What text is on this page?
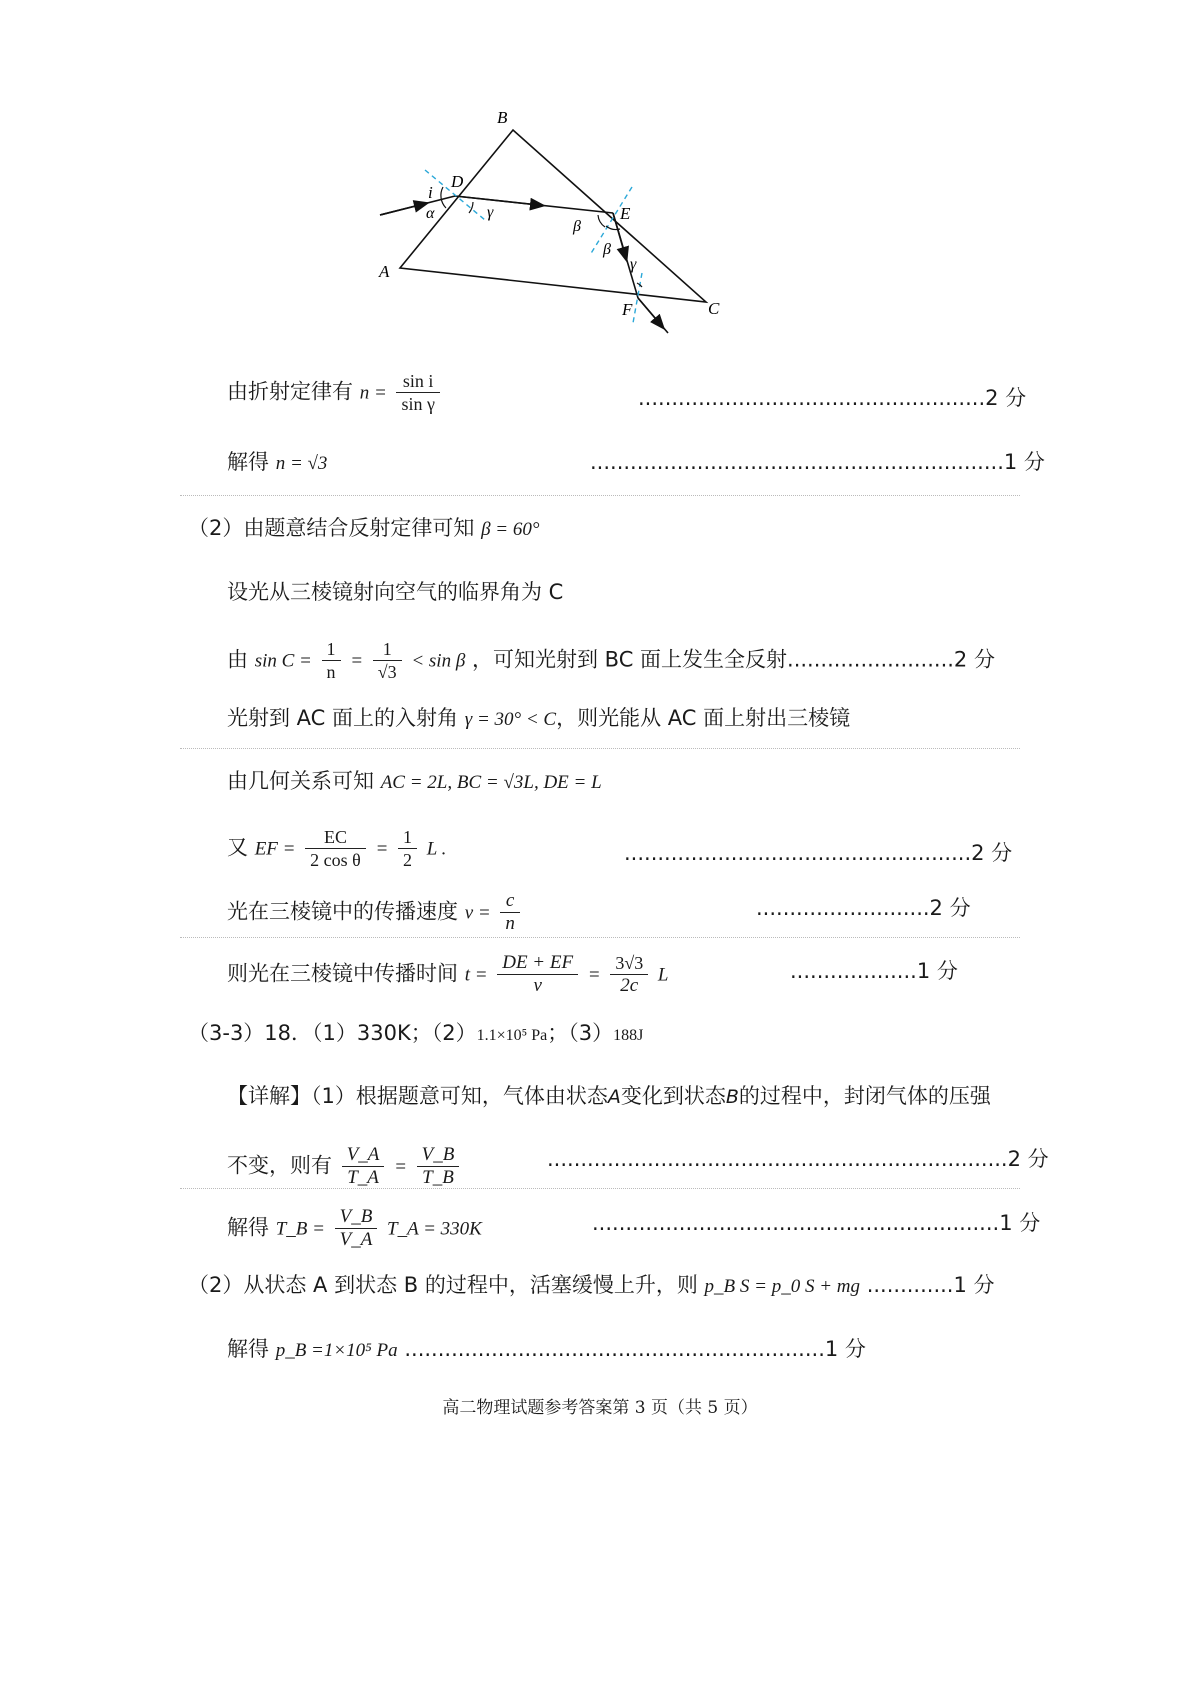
B
D
i
α	γ
β
E
β
γ
A
F	C
由折射定律有 $n = \frac{\text{sin i}}{\text{sin γ}}$	....................................................2 分
解得 n = √3	..............................................................1 分
（2）由题意结合反射定律可知 β = 60°
设光从三棱镜射向空气的临界角为 C
由 $\sin C = \frac{1}{n} = \frac{1}{√3} < \sin \beta$ ，可知光射到 BC 面上发生全反射.........................2 分
光射到 AC 面上的入射角 γ = 30° < C，则光能从 AC 面上射出三棱镜
由几何关系可知 AC = 2L, BC = √3L, DE = L
又 EF = $\frac{EC}{\text{2 cos θ}} = \frac{1}{2}$ L .	....................................................2 分
光在三棱镜中的传播速度 $v = \frac{c}{n}$	..........................2 分
则光在三棱镜中传播时间 $t = \frac{DE + EF}{v} = \frac{3√3}{2c}$ L	...................1 分
（3-3）18．（1）330K；（2）1.1×10⁵ Pa；（3）188J
【详解】（1）根据题意可知，气体由状态A变化到状态B的过程中，封闭气体的压强
不变，则有 $\frac{V\_A}{T\_A} = \frac{V\_B}{T\_B}$	.....................................................................2 分
解得 T_B = $\frac{V\_B}{V\_A}$ T_A = 330K	.............................................................1 分
（2）从状态 A 到状态 B 的过程中，活塞缓慢上升，则 p_B S = p_0 S + mg .............1 分
解得 p_B =1×10⁵ Pa ...............................................................1 分
高二物理试题参考答案第 3 页（共 5 页）
